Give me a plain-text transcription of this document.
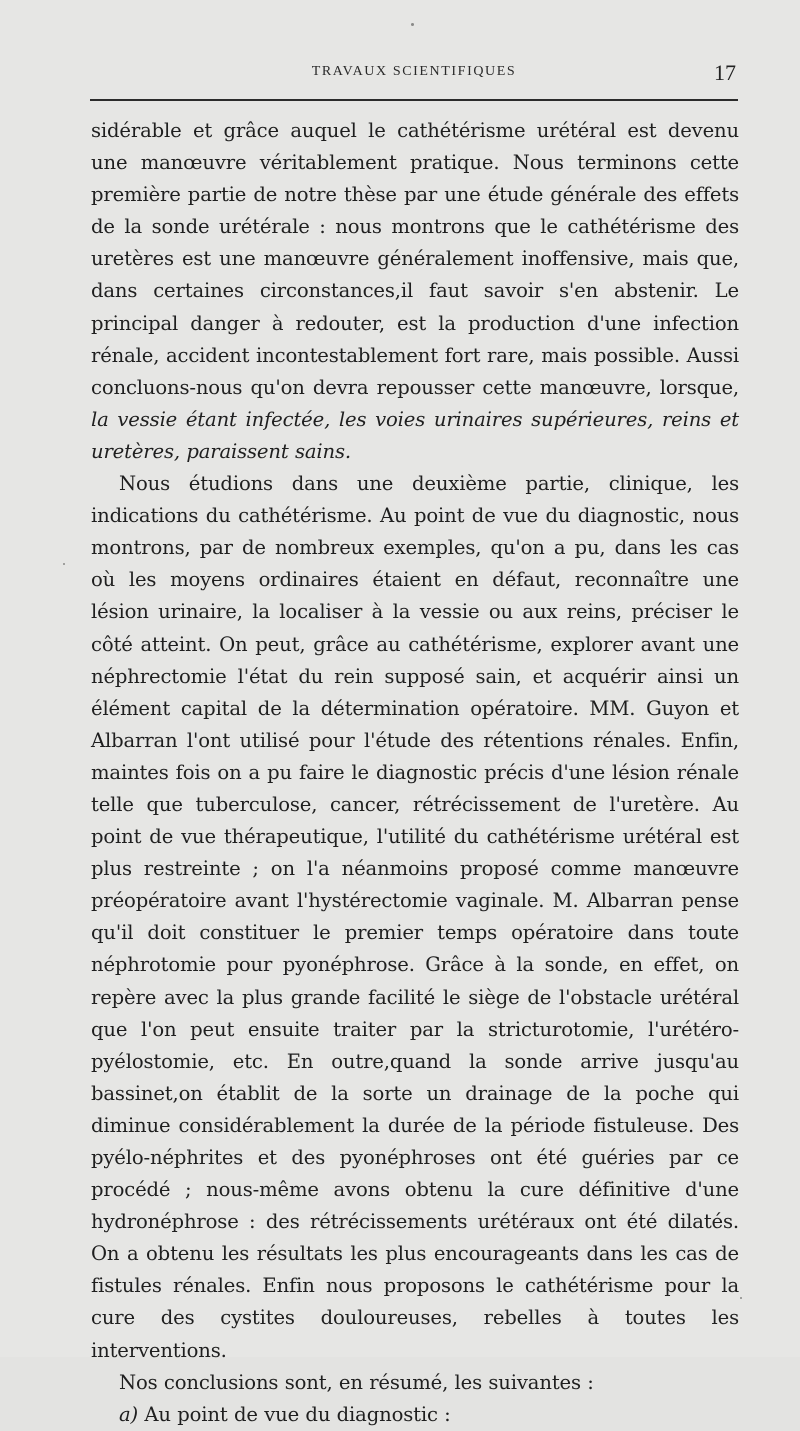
TRAVAUX SCIENTIFIQUES	17

sidérable et grâce auquel le cathétérisme urétéral est devenu une manœuvre véritablement pratique. Nous terminons cette première partie de notre thèse par une étude générale des effets de la sonde urétérale : nous montrons que le cathétérisme des uretères est une manœuvre généralement inoffensive, mais que, dans certaines circonstances,il faut savoir s'en abstenir. Le principal danger à redouter, est la production d'une infection rénale, accident incontestablement fort rare, mais possible. Aussi concluons-nous qu'on devra repousser cette manœuvre, lorsque, la vessie étant infectée, les voies urinaires supérieures, reins et uretères, paraissent sains.

Nous étudions dans une deuxième partie, clinique, les indications du cathétérisme. Au point de vue du diagnostic, nous montrons, par de nombreux exemples, qu'on a pu, dans les cas où les moyens ordinaires étaient en défaut, reconnaître une lésion urinaire, la localiser à la vessie ou aux reins, préciser le côté atteint. On peut, grâce au cathétérisme, explorer avant une néphrectomie l'état du rein supposé sain, et acquérir ainsi un élément capital de la détermination opératoire. MM. Guyon et Albarran l'ont utilisé pour l'étude des rétentions rénales. Enfin, maintes fois on a pu faire le diagnostic précis d'une lésion rénale telle que tuberculose, cancer, rétrécissement de l'uretère. Au point de vue thérapeutique, l'utilité du cathétérisme urétéral est plus restreinte ; on l'a néanmoins proposé comme manœuvre préopératoire avant l'hystérectomie vaginale. M. Albarran pense qu'il doit constituer le premier temps opératoire dans toute néphrotomie pour pyonéphrose. Grâce à la sonde, en effet, on repère avec la plus grande facilité le siège de l'obstacle urétéral que l'on peut ensuite traiter par la stricturotomie, l'urétéro-pyélostomie, etc. En outre,quand la sonde arrive jusqu'au bassinet,on établit de la sorte un drainage de la poche qui diminue considérablement la durée de la période fistuleuse. Des pyélo-néphrites et des pyonéphroses ont été guéries par ce procédé ; nous-même avons obtenu la cure définitive d'une hydronéphrose : des rétrécissements urétéraux ont été dilatés. On a obtenu les résultats les plus encourageants dans les cas de fistules rénales. Enfin nous proposons le cathétérisme pour la cure des cystites douloureuses, rebelles à toutes les interventions.

Nos conclusions sont, en résumé, les suivantes :

a) Au point de vue du diagnostic :
